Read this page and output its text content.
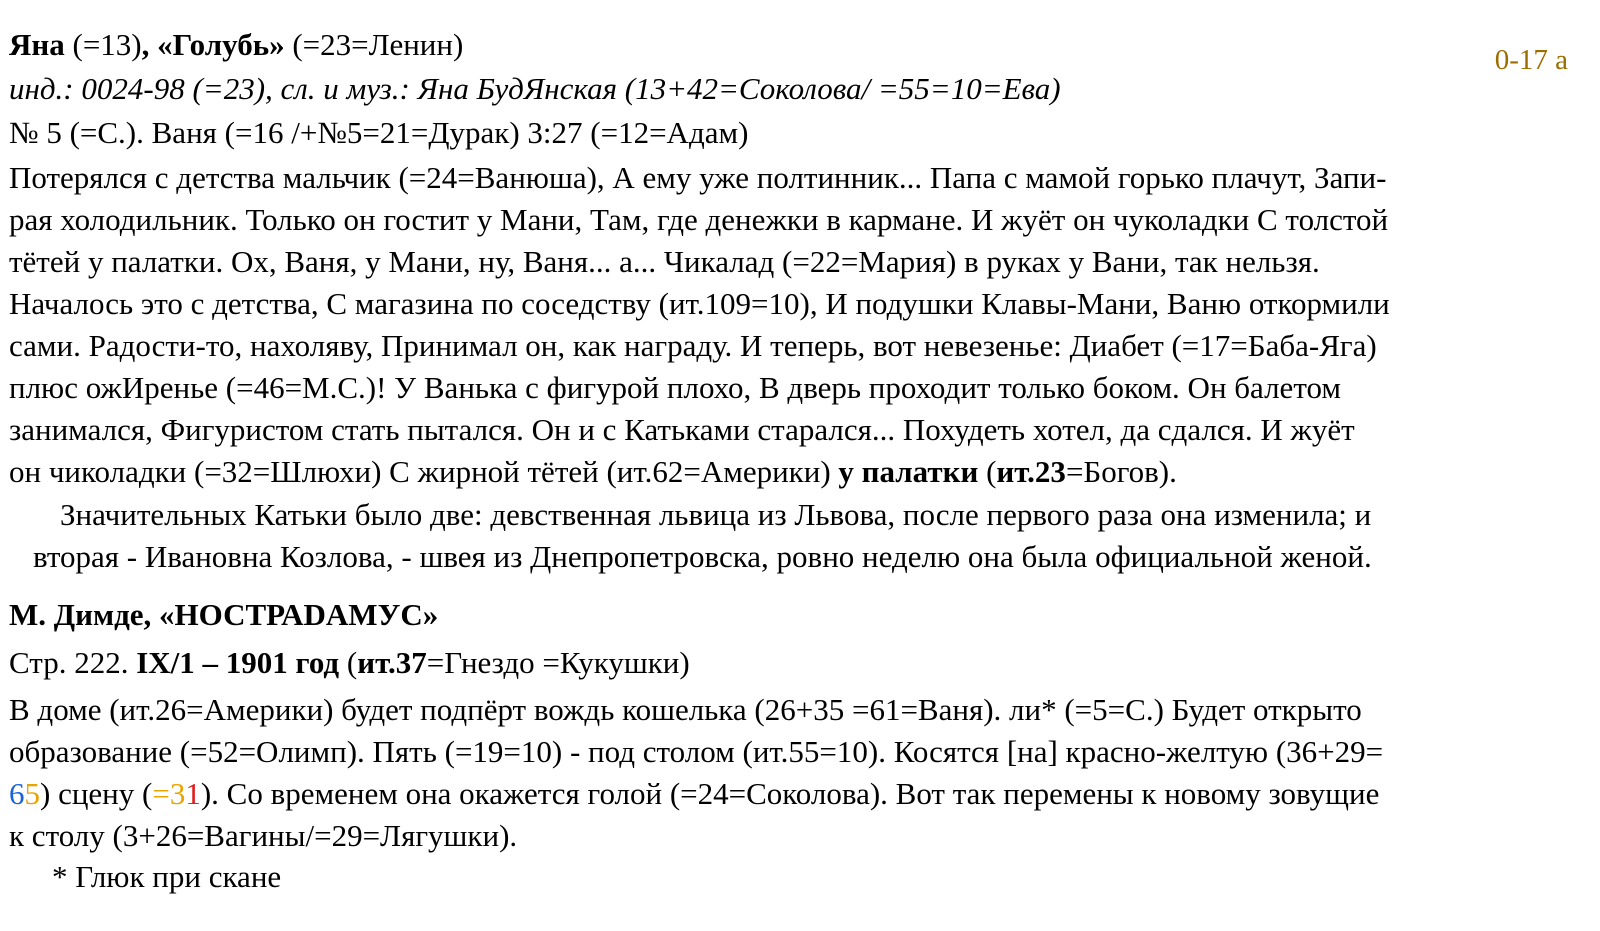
0-17 а
Яна (=13), «Голубь» (=23=Ленин)
инд.: 0024-98 (=23), сл. и муз.: Яна БудЯнская (13+42=Соколова/ =55=10=Ева)
№ 5 (=С.). Ваня (=16 /+№5=21=Дурак) 3:27 (=12=Адам)
Потерялся с детства мальчик (=24=Ванюша), А ему уже полтинник... Папа с мамой горько плачут, Запи-
рая холодильник. Только он гостит у Мани, Там, где денежки в кармане. И жуёт он чуколадки С толстой
тётей у палатки. Ох, Ваня, у Мани, ну, Ваня... а... Чикалад (=22=Мария) в руках у Вани, так нельзя.
Началось это с детства, С магазина по соседству (ит.109=10), И подушки Клавы-Мани, Ваню откормили
сами. Радости-то, нахоляву, Принимал он, как награду. И теперь, вот невезенье: Диабет (=17=Баба-Яга)
плюс ожИренье (=46=М.С.)! У Ванька с фигурой плохо, В дверь проходит только боком. Он балетом
занимался, Фигуристом стать пытался. Он и с Катьками старался... Похудеть хотел, да сдался. И жуёт
он чиколадки (=32=Шлюхи) С жирной тётей (ит.62=Америки) у палатки (ит.23=Богов).
Значительных Катьки было две: девственная львица из Львова, после первого раза она изменила; и
вторая - Ивановна Козлова, - швея из Днепропетровска, ровно неделю она была официальной женой.
М. Димде, «НОСТРАDAMУС»
Стр. 222. IX/1 – 1901 год (ит.37=Гнездо =Кукушки)
В доме (ит.26=Америки) будет подпёрт вождь кошелька (26+35 =61=Ваня). ли* (=5=С.) Будет открыто
образование (=52=Олимп). Пять (=19=10) - под столом (ит.55=10). Косятся [на] красно-желтую (36+29=
65) сцену (=31). Со временем она окажется голой (=24=Соколова). Вот так перемены к новому зовущие
к столу (3+26=Вагины/=29=Лягушки).
* Глюк при скане
